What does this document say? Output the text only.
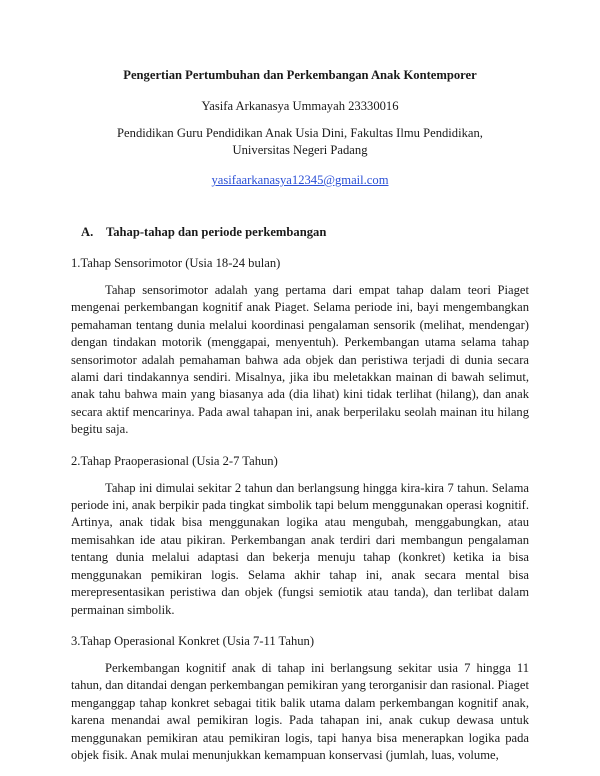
Pengertian Pertumbuhan dan Perkembangan Anak Kontemporer

Yasifa Arkanasya Ummayah 23330016

Pendidikan Guru Pendidikan Anak Usia Dini, Fakultas Ilmu Pendidikan,

Universitas Negeri Padang

yasifaarkanasya12345@gmail.com

A. Tahap-tahap dan periode perkembangan

1.Tahap Sensorimotor (Usia 18-24 bulan)

Tahap sensorimotor adalah yang pertama dari empat tahap dalam teori Piaget mengenai perkembangan kognitif anak Piaget. Selama periode ini, bayi mengembangkan pemahaman tentang dunia melalui koordinasi pengalaman sensorik (melihat, mendengar) dengan tindakan motorik (menggapai, menyentuh). Perkembangan utama selama tahap sensorimotor adalah pemahaman bahwa ada objek dan peristiwa terjadi di dunia secara alami dari tindakannya sendiri. Misalnya, jika ibu meletakkan mainan di bawah selimut, anak tahu bahwa main yang biasanya ada (dia lihat) kini tidak terlihat (hilang), dan anak secara aktif mencarinya. Pada awal tahapan ini, anak berperilaku seolah mainan itu hilang begitu saja.

2.Tahap Praoperasional (Usia 2-7 Tahun)

Tahap ini dimulai sekitar 2 tahun dan berlangsung hingga kira-kira 7 tahun. Selama periode ini, anak berpikir pada tingkat simbolik tapi belum menggunakan operasi kognitif. Artinya, anak tidak bisa menggunakan logika atau mengubah, menggabungkan, atau memisahkan ide atau pikiran. Perkembangan anak terdiri dari membangun pengalaman tentang dunia melalui adaptasi dan bekerja menuju tahap (konkret) ketika ia bisa menggunakan pemikiran logis. Selama akhir tahap ini, anak secara mental bisa merepresentasikan peristiwa dan objek (fungsi semiotik atau tanda), dan terlibat dalam permainan simbolik.

3.Tahap Operasional Konkret (Usia 7-11 Tahun)

Perkembangan kognitif anak di tahap ini berlangsung sekitar usia 7 hingga 11 tahun, dan ditandai dengan perkembangan pemikiran yang terorganisir dan rasional. Piaget menganggap tahap konkret sebagai titik balik utama dalam perkembangan kognitif anak, karena menandai awal pemikiran logis. Pada tahapan ini, anak cukup dewasa untuk menggunakan pemikiran atau pemikiran logis, tapi hanya bisa menerapkan logika pada objek fisik. Anak mulai menunjukkan kemampuan konservasi (jumlah, luas, volume,
